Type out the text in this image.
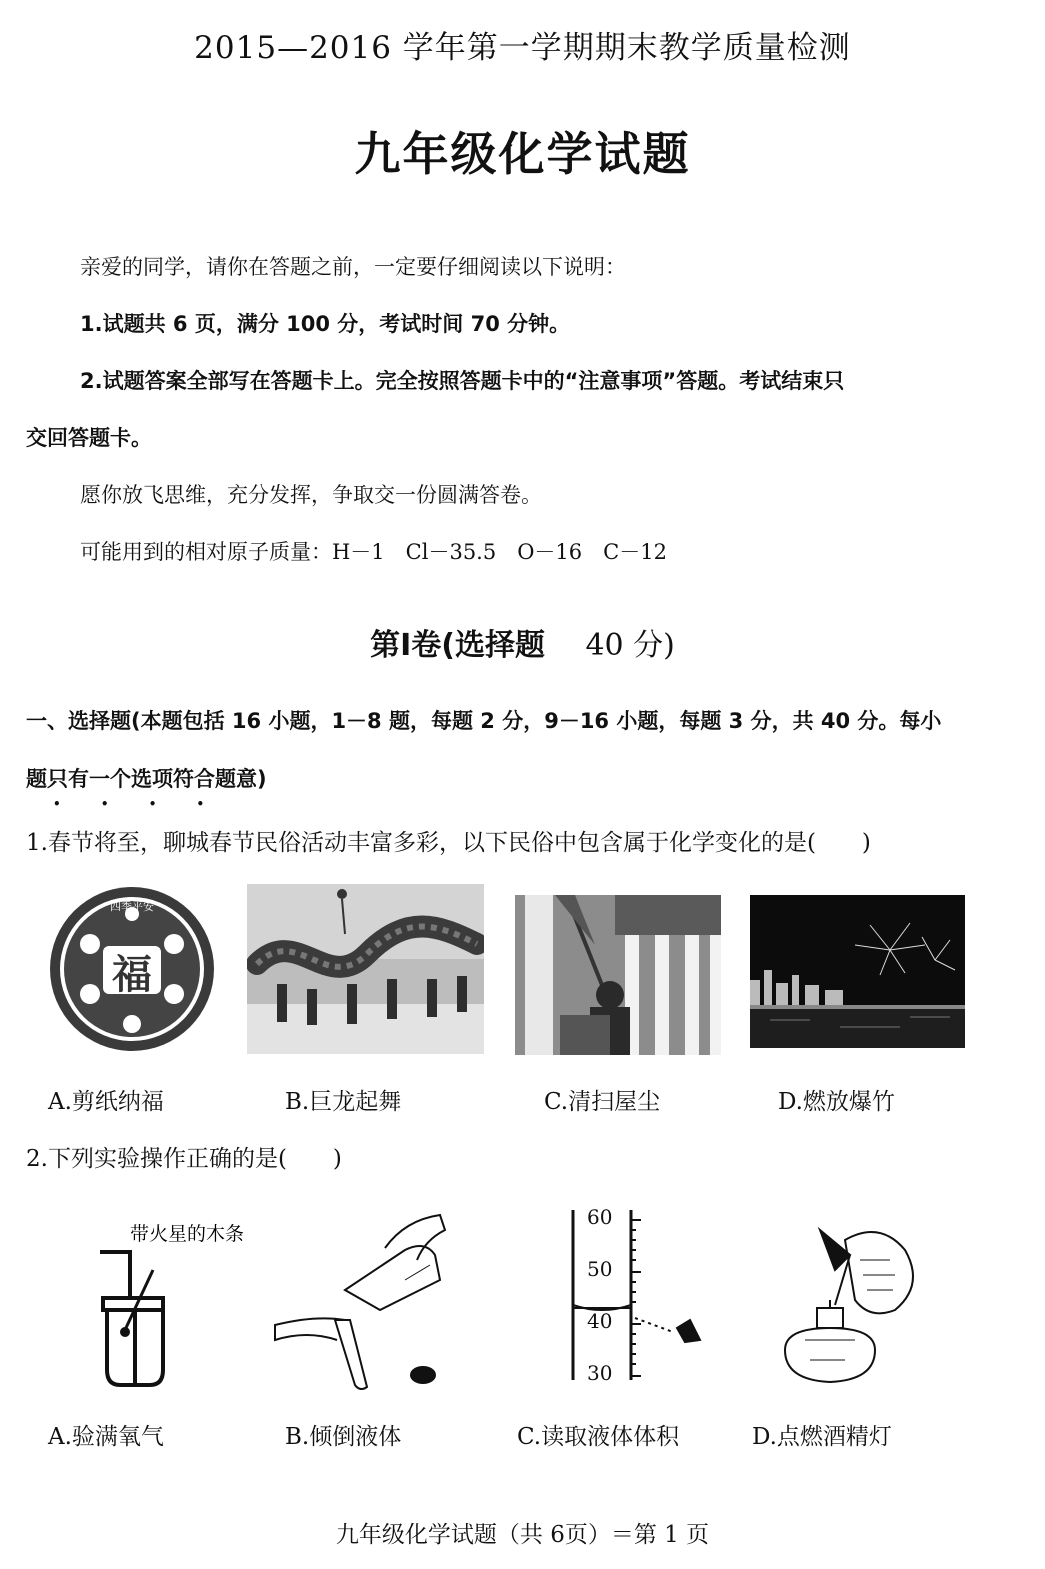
2015—2016 学年第一学期期末教学质量检测
九年级化学试题
亲爱的同学，请你在答题之前，一定要仔细阅读以下说明：
1.试题共 6 页，满分 100 分，考试时间 70 分钟。
2.试题答案全部写在答题卡上。完全按照答题卡中的“注意事项”答题。考试结束只
交回答题卡。
愿你放飞思维，充分发挥，争取交一份圆满答卷。
可能用到的相对原子质量：H－1　Cl－35.5　O－16　C－12
第Ⅰ卷(选择题 40 分)
一、选择题(本题包括 16 小题，1－8 题，每题 2 分，9－16 小题，每题 3 分，共 40 分。每小
题只有一个
• • • •
选项符合题意)
1.春节将至，聊城春节民俗活动丰富多彩，以下民俗中包含属于化学变化的是(　　)
福
四季平安
A.剪纸纳福	B.巨龙起舞	C.清扫屋尘	D.燃放爆竹
2.下列实验操作正确的是(　　)
带火星的木条
60
50
40
30
A.验满氧气	B.倾倒液体	C.读取液体体积	D.点燃酒精灯
九年级化学试题（共 6页）＝第 1 页
